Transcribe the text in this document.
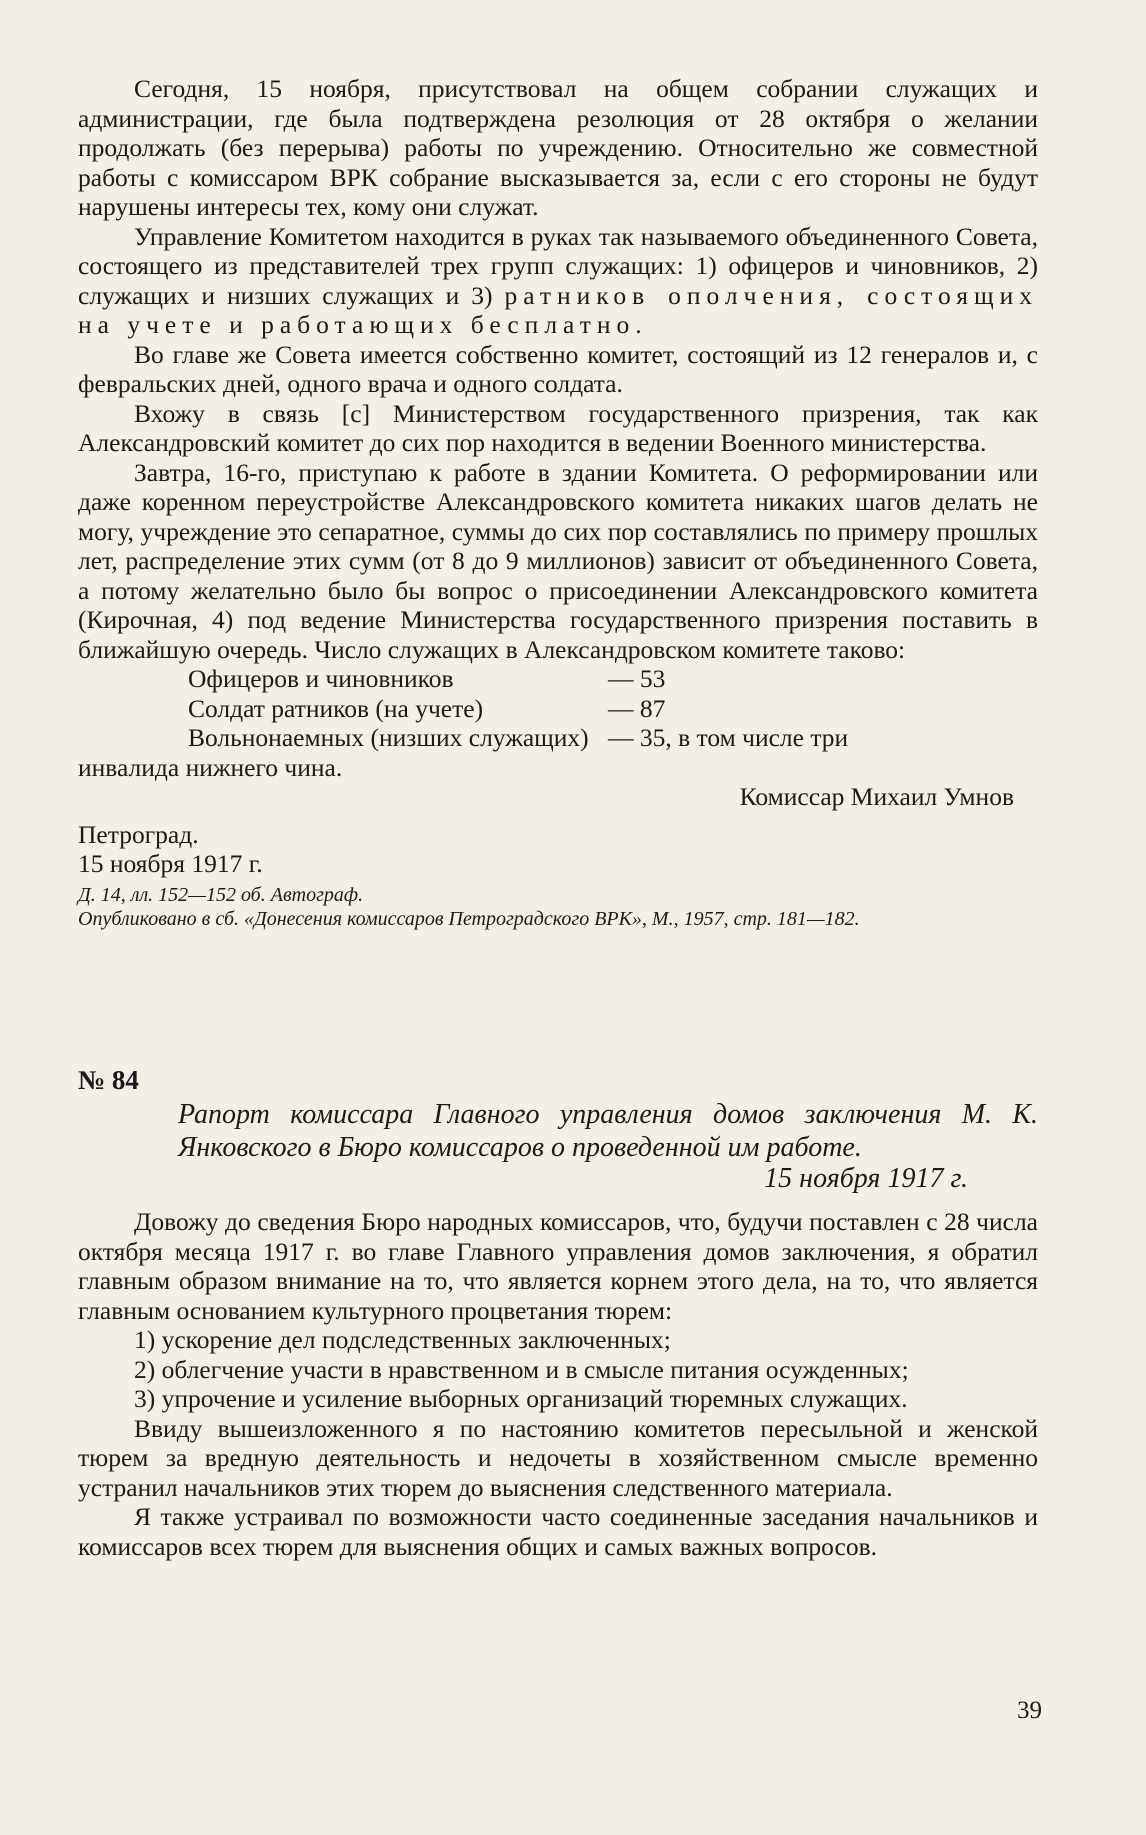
Сегодня, 15 ноября, присутствовал на общем собрании служащих и администрации, где была подтверждена резолюция от 28 октября о желании продолжать (без перерыва) работы по учреждению. Относительно же совместной работы с комиссаром ВРК собрание высказывается за, если с его стороны не будут нарушены интересы тех, кому они служат.

Управление Комитетом находится в руках так называемого объединенного Совета, состоящего из представителей трех групп служащих: 1) офицеров и чиновников, 2) служащих и низших служащих и 3) ратников ополчения, состоящих на учете и работающих бесплатно.

Во главе же Совета имеется собственно комитет, состоящий из 12 генералов и, с февральских дней, одного врача и одного солдата.

Вхожу в связь [с] Министерством государственного призрения, так как Александровский комитет до сих пор находится в ведении Военного министерства.

Завтра, 16-го, приступаю к работе в здании Комитета. О реформировании или даже коренном переустройстве Александровского комитета никаких шагов делать не могу, учреждение это сепаратное, суммы до сих пор составлялись по примеру прошлых лет, распределение этих сумм (от 8 до 9 миллионов) зависит от объединенного Совета, а потому желательно было бы вопрос о присоединении Александровского комитета (Кирочная, 4) под ведение Министерства государственного призрения поставить в ближайшую очередь. Число служащих в Александровском комитете таково:

Офицеров и чиновников	— 53
Солдат ратников (на учете)	— 87
Вольнонаемных (низших служащих) — 35, в том числе три

инвалида нижнего чина.

Комиссар Михаил Умнов

Петроград.

15 ноября 1917 г.

Д. 14, лл. 152—152 об. Автограф.

Опубликовано в сб. «Донесения комиссаров Петроградского ВРК», М., 1957, стр. 181—182.

№ 84
Рапорт комиссара Главного управления домов заключения М. К. Янковского в Бюро комиссаров о проведенной им работе.
15 ноября 1917 г.

Довожу до сведения Бюро народных комиссаров, что, будучи поставлен с 28 числа октября месяца 1917 г. во главе Главного управления домов заключения, я обратил главным образом внимание на то, что является корнем этого дела, на то, что является главным основанием культурного процветания тюрем:

1) ускорение дел подследственных заключенных;

2) облегчение участи в нравственном и в смысле питания осужденных;

3) упрочение и усиление выборных организаций тюремных служащих.

Ввиду вышеизложенного я по настоянию комитетов пересыльной и женской тюрем за вредную деятельность и недочеты в хозяйственном смысле временно устранил начальников этих тюрем до выяснения следственного материала.

Я также устраивал по возможности часто соединенные заседания начальников и комиссаров всех тюрем для выяснения общих и самых важных вопросов.

39
